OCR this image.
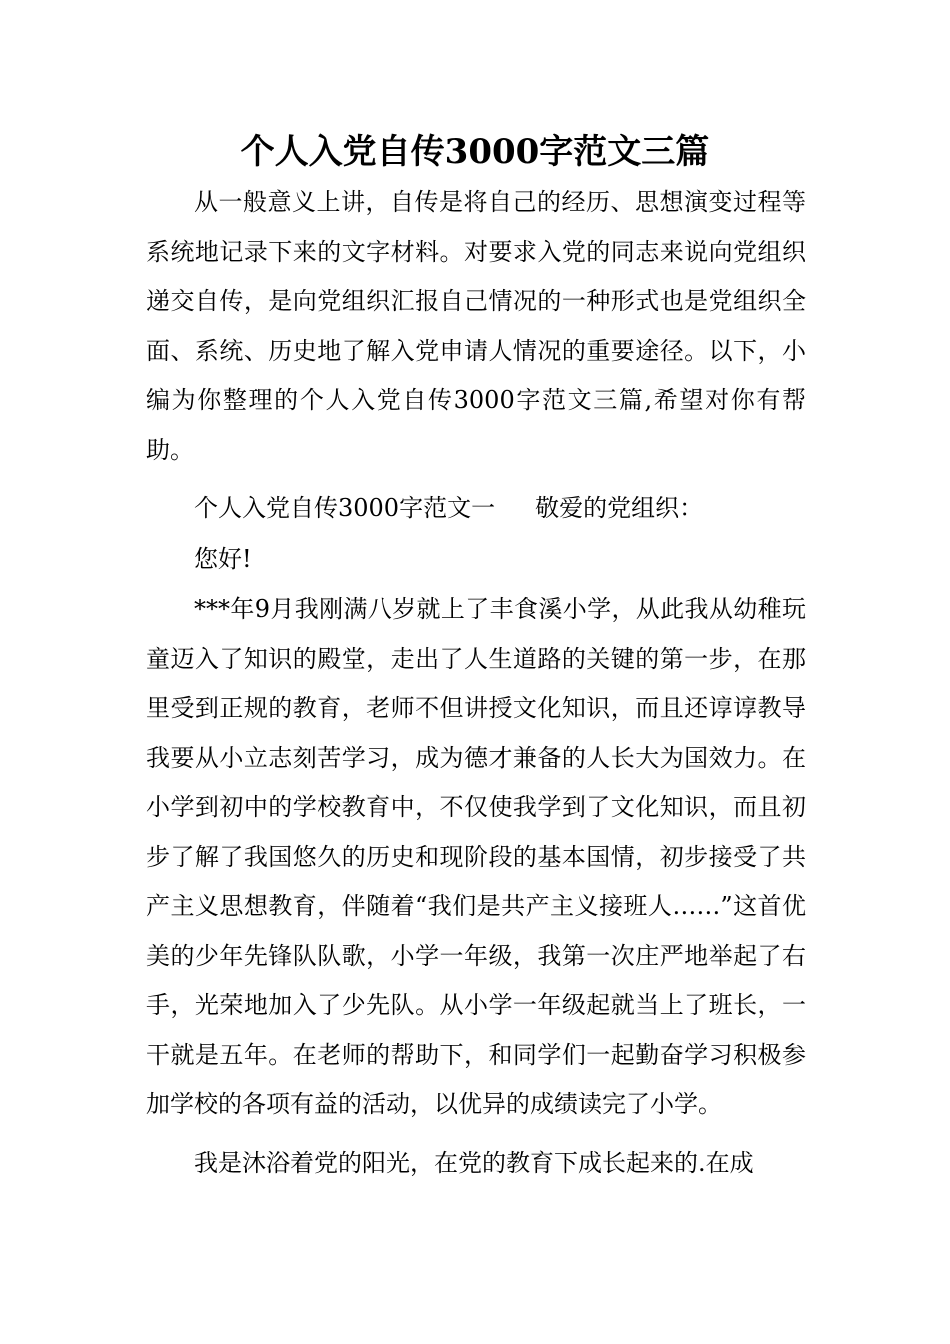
个人入党自传3000字范文三篇

从一般意义上讲，自传是将自己的经历、思想演变过程等系统地记录下来的文字材料。对要求入党的同志来说向党组织递交自传，是向党组织汇报自己情况的一种形式也是党组织全面、系统、历史地了解入党申请人情况的重要途径。以下，小编为你整理的个人入党自传3000字范文三篇,希望对你有帮助。

个人入党自传3000字范文一 敬爱的党组织：

您好!

***年9月我刚满八岁就上了丰食溪小学，从此我从幼稚玩童迈入了知识的殿堂，走出了人生道路的关键的第一步，在那里受到正规的教育，老师不但讲授文化知识，而且还谆谆教导我要从小立志刻苦学习，成为德才兼备的人长大为国效力。在小学到初中的学校教育中，不仅使我学到了文化知识，而且初步了解了我国悠久的历史和现阶段的基本国情，初步接受了共产主义思想教育，伴随着“我们是共产主义接班人……”这首优美的少年先锋队队歌，小学一年级，我第一次庄严地举起了右手，光荣地加入了少先队。从小学一年级起就当上了班长，一干就是五年。在老师的帮助下，和同学们一起勤奋学习积极参加学校的各项有益的活动，以优异的成绩读完了小学。

我是沐浴着党的阳光，在党的教育下成长起来的.在成
